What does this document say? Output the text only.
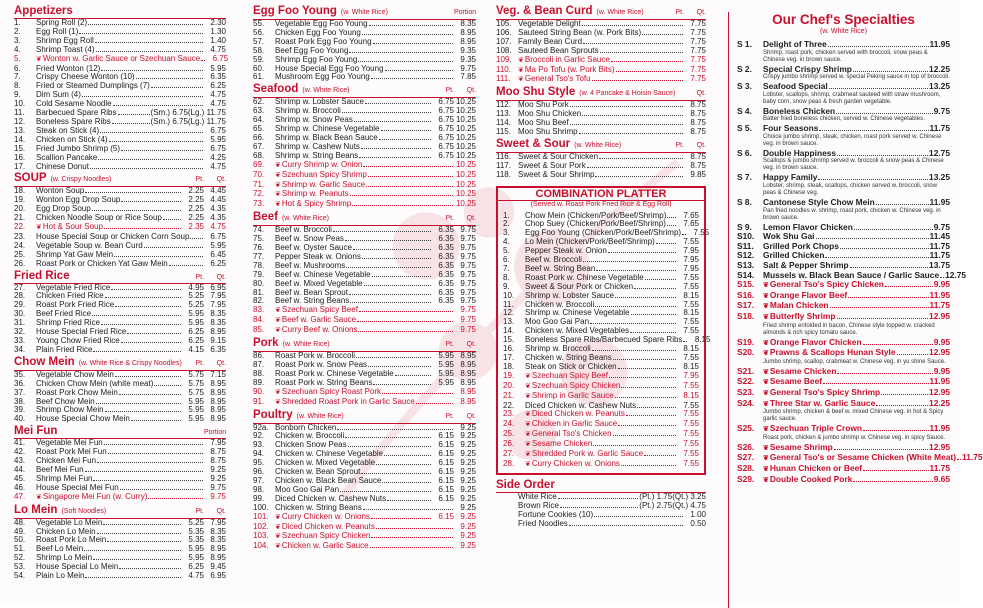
Appetizers
1.	Spring Roll (2)	2.30
2.	Egg Roll (1)	1.30
3.	Shrimp Egg Roll	1.40
4.	Shrimp Toast (4)	4.75
5.	❦Wonton w. Garlic Sauce or Szechuan Sauce	6.75
6.	Fried Wonton (12)	5.95
7.	Crispy Cheese Wonton (10)	6.35
8.	Fried or Steamed Dumplings (7)	6.25
9.	Dim Sum (4)	4.75
10.	Cold Sesame Noodle	4.75
11.	Barbecued Spare Ribs	(Sm.) 6.75 (Lg.) 11.75
12.	Boneless Spare Ribs	(Sm.) 6.75 (Lg.) 11.75
13.	Steak on Stick (4)	6.75
14.	Chicken on Stick (4)	5.95
15.	Fried Jumbo Shrimp (5)	6.75
16.	Scallion Pancake	4.25
17.	Chinese Donut	4.75
SOUP (w. Crispy Noodles)	Pt. Qt.
18.	Wonton Soup	2.25 4.45
19.	Wonton Egg Drop Soup	2.25 4.45
20.	Egg Drop Soup	2.25 4.35
21.	Chicken Noodle Soup or Rice Soup	2.25 4.35
22.	❦Hot & Sour Soup	2.35 4.75
23.	House Special Soup or Chicken Corn Soup	6.75
24.	Vegetable Soup w. Bean Curd	5.95
25.	Shrimp Yat Gaw Mein	6.45
26.	Roast Pork or Chicken Yat Gaw Mein	6.25
Fried Rice	Pt. Qt.
27.	Vegetable Fried Rice	4.95 6.95
28.	Chicken Fried Rice	5.25 7.95
29.	Roast Pork Fried Rice	5.25 7.95
30.	Beef Fried Rice	5.95 8.35
31.	Shrimp Fried Rice	5.95 8.35
32.	House Special Fried Rice	6.25 8.95
33.	Young Chow Fried Rice	6.25 9.15
34.	Plain Fried Rice	4.15 6.35
Chow Mein (w. White Rice & Crispy Noodles)	Pt. Qt.
35.	Vegetable Chow Mein	5.75 7.15
36.	Chicken Chow Mein (white meat)	5.75 8.95
37.	Roast Pork Chow Mein	5.75 8.95
38.	Beef Chow Mein	5.95 8.95
39.	Shrimp Chow Mein	5.95 8.95
40.	House Special Chow Mein	5.95 8.95
Mei Fun	Portion
41.	Vegetable Mei Fun	7.95
42.	Roast Pork Mei Fun	8.75
43.	Chicken Mei Fun	8.75
44.	Beef Mei Fun	9.25
45.	Shrimp Mei Fun	9.25
46.	House Special Mei Fun	9.75
47.	❦Singapore Mei Fun (w. Curry)	9.75
Lo Mein (Soft Noodles)	Pt. Qt.
48.	Vegetable Lo Mein	5.25 7.95
49.	Chicken Lo Mein	5.35 8.35
50.	Roast Pork Lo Mein	5.35 8.35
51.	Beef Lo Mein	5.95 8.95
52.	Shrimp Lo Mein	5.95 8.95
53.	House Special Lo Mein	6.25 9.45
54.	Plain Lo Mein	4.75 6.95
Egg Foo Young (w. White Rice)	Portion
55.	Vegetable Egg Foo Young	8.35
56.	Chicken Egg Foo Young	8.95
57.	Roast Pork Egg Foo Young	8.95
58.	Beef Egg Foo Young	9.35
59.	Shrimp Egg Foo Young	9.35
60.	House Special Egg Foo Young	9.75
61.	Mushroom Egg Foo Young	7.85
Seafood (w. White Rice)	Pt. Qt.
62.	Shrimp w. Lobster Sauce	6.75 10.25
63.	Shrimp w. Broccoli	6.75 10.25
64.	Shrimp w. Snow Peas	6.75 10.25
65.	Shrimp w. Chinese Vegetable	6.75 10.25
66.	Shrimp w. Black Bean Sauce	6.75 10.25
67.	Shrimp w. Cashew Nuts	6.75 10.25
68.	Shrimp w. String Beans	6.75 10.25
69.	❦Curry Shrimp w. Onion	10.25
70.	❦Szechuan Spicy Shrimp	10.25
71.	❦Shrimp w. Garlic Sauce	10.25
72.	❦Shrimp w. Peanuts	10.25
73.	❦Hot & Spicy Shrimp	10.25
Beef (w. White Rice)	Pt. Qt.
74.	Beef w. Broccoli	6.35 9.75
75.	Beef w. Snow Peas	6.35 9.75
76.	Beef w. Oyster Sauce	6.35 9.75
77.	Pepper Steak w. Onions	6.35 9.75
78.	Beef w. Mushrooms	6.35 9.75
79.	Beef w. Chinese Vegetable	6.35 9.75
80.	Beef w. Mixed Vegetable	6.35 9.75
81.	Beef w. Bean Sprout	6.35 9.75
82.	Beef w. String Beans	6.35 9.75
83.	❦Szechuan Spicy Beef	9.75
84.	❦Beef w. Garlic Sauce	9.75
85.	❦Curry Beef w. Onions	9.75
Pork (w. White Rice)	Pt. Qt.
86.	Roast Pork w. Broccoli	5.95 8.95
87.	Roast Pork w. Snow Peas	5.95 8.95
88.	Roast Pork w. Chinese Vegetable	5.95 8.95
89.	Roast Pork w. String Beans	5.95 8.95
90.	❦Szechuan Spicy Roast Pork	8.95
91.	❦Shredded Roast Pork in Garlic Sauce	8.95
Poultry (w. White Rice)	Pt. Qt.
92a. Bonborn Chicken	9.25
92.	Chicken w. Broccoli	6.15 9.25
93.	Chicken Snow Peas	6.15 9.25
94.	Chicken w. Chinese Vegetable	6.15 9.25
95.	Chicken w. Mixed Vegetable	6.15 9.25
96.	Chicken w. Bean Sprout	6.15 9.25
97.	Chicken w. Black Bean Sauce	6.15 9.25
98.	Moo Goo Gai Pan	6.15 9.25
99.	Diced Chicken w. Cashew Nuts	6.15 9.25
100. Chicken w. String Beans	9.25
101. ❦Curry Chicken w. Onions	6.15 9.25
102. ❦Diced Chicken w. Peanuts	9.25
103. ❦Szechuan Spicy Chicken	9.25
104. ❦Chicken w. Garlic Sauce	9.25
Veg. & Bean Curd (w. White Rice)	Pt. Qt.
105. Vegetable Delight	7.75
106. Sauteed String Bean (w. Pork Bits)	7.75
107. Family Bean Curd	7.75
108. Sauteed Bean Sprouts	7.75
109. ❦Broccoli in Garlic Sauce	7.75
110.	❦Ma Po Tofu (w. Pork Bits)	7.75
111.	❦General Tso's Tofu	7.75
Moo Shu Style (w. 4 Pancake & Hoisin Sauce)	Qt.
112. Moo Shu Pork	8.75
113. Moo Shu Chicken	8.75
114. Moo Shu Beef	8.75
115. Moo Shu Shrimp	8.75
Sweet & Sour (w. White Rice)	Pt. Qt.
116. Sweet & Sour Chicken	8.75
117. Sweet & Sour Pork	8.75
118. Sweet & Sour Shrimp	9.85
COMBINATION PLATTER
(Served w. Roast Pork Fried Rice & Egg Roll)
1.	Chow Mein (Chicken/Pork/Beef/Shrimp)	7.65
2.	Chop Suey (Chicken/Pork/Beef/Shrimp)	7.65
3.	Egg Foo Young (Chicken/Pork/Beef/Shrimp)	7.55
4.	Lo Mein (Chicken/Pork/Beef/Shrimp)	7.55
5.	Pepper Steak w. Onion	7.95
6.	Beef w. Broccoli	7.95
7.	Beef w. String Bean	7.95
8.	Roast Pork w. Chinese Vegetable	7.55
9.	Sweet & Sour Pork or Chicken	7.55
10.	Shrimp w. Lobster Sauce	8.15
11.	Chicken w. Broccoli	7.55
12.	Shrimp w. Chinese Vegetable	8.15
13.	Moo Goo Gai Pan	7.55
14.	Chicken w. Mixed Vegetables	7.55
15.	Boneless Spare Ribs/Barbecued Spare Ribs	8.15
16.	Shrimp w. Broccoli	8.15
17.	Chicken w. String Beans	7.55
18.	Steak on Stick or Chicken	8.15
19.	❦Szechuan Spicy Beef	7.95
20.	❦Szechuan Spicy Chicken	7.55
21.	❦Shrimp in Garlic Sauce	8.15
22.	Diced Chicken w. Cashew Nuts	7.55
23.	❦Diced Chicken w. Peanuts	7.55
24.	❦Chicken in Garlic Sauce	7.55
25.	❦General Tso's Chicken	7.55
26.	❦Sesame Chicken	7.55
27.	❦Shredded Pork w. Garlic Sauce	7.55
28.	❦Curry Chicken w. Onions	7.55
Side Order
White Rice	(Pt.) 1.75 (Qt.) 3.25
Brown Rice	(Pt.) 2.75 (Qt.) 4.75
Fortune Cookies (10)	1.00
Fried Noodles	0.50
Our Chef's Specialties
(w. White Rice)
S 1.	Delight of Three	11.95
Shrimp, roast pork, chicken served with broccoli, snow peas & Chinese veg. in brown sauce.
S 2.	Special Crispy Shrimp	12.25
Crispy jumbo shrimp served w. special Peking sauce in top of broccoli.
S 3.	Seafood Special	13.25
Lobster, scallops, shrimp, crabmeat sauteed with straw mushroom, baby corn, snow peas & fresh garden vegetable.
S 4.	Boneless Chicken	9.75
Batter fried boneless chicken, served w. Chinese vegetables.
S 5.	Four Seasons	11.75
Choice jumbo shrimp, steak, chicken, roast pork served w. Chinese veg. in brown sauce.
S 6.	Double Happiness	12.75
Scallops & jumbo shrimp served w. broccoli & snow peas & Chinese veg. in brown sauce.
S 7.	Happy Family	13.25
Lobster, shrimp, steak, scallops, chicken served w. broccoli, snow peas & Chinese veg.
S 8.	Cantonese Style Chow Mein	11.95
Pan fried noodles w. shrimp, roast pork, chicken w. Chinese veg. in brown sauce.
S 9.	Lemon Flavor Chicken	9.75
S10.	Wok Shu Gai	11.45
S11.	Grilled Pork Chops	11.75
S12.	Grilled Chicken	11.75
S13.	Salt & Pepper Shrimp	13.75
S14.	Mussels w. Black Bean Sauce / Garlic Sauce 12.75
S15.	❦General Tso's Spicy Chicken	9.95
S16.	❦Orange Flavor Beef	11.95
S17.	❦Malan Chicken	11.75
S18.	❦Butterfly Shrimp	12.95
Fried shrimp enfolded in bacon, Chinese style topped w. cracked almonds & rich spicy tomato sauce.
S19.	❦Orange Flavor Chicken	9.95
S20.	❦Prawns & Scallops Hunan Style	12.95
Jumbo shrimp, scallop, crabmeat w. Chinese veg. in yu shine Sauce.
S21.	❦Sesame Chicken	9.95
S22.	❦Sesame Beef	11.95
S23.	❦General Tso's Spicy Shrimp	12.95
S24.	❦Three Star w. Garlic Sauce	12.25
Jumbo shrimp, chicken & beef w. mixed Chinese veg. in hot & Spicy garlic sauce.
S25.	❦Szechuan Triple Crown	11.95
Roast pork, chicken & jumbo shrimp w. Chinese veg. in spicy Sauce.
S26.	❦Sesame Shrimp	12.95
S27.	❦General Tso's or Sesame Chicken (White Meat) 11.75
S28.	❦Hunan Chicken or Beef	11.75
S29.	❦Double Cooked Pork	9.65
